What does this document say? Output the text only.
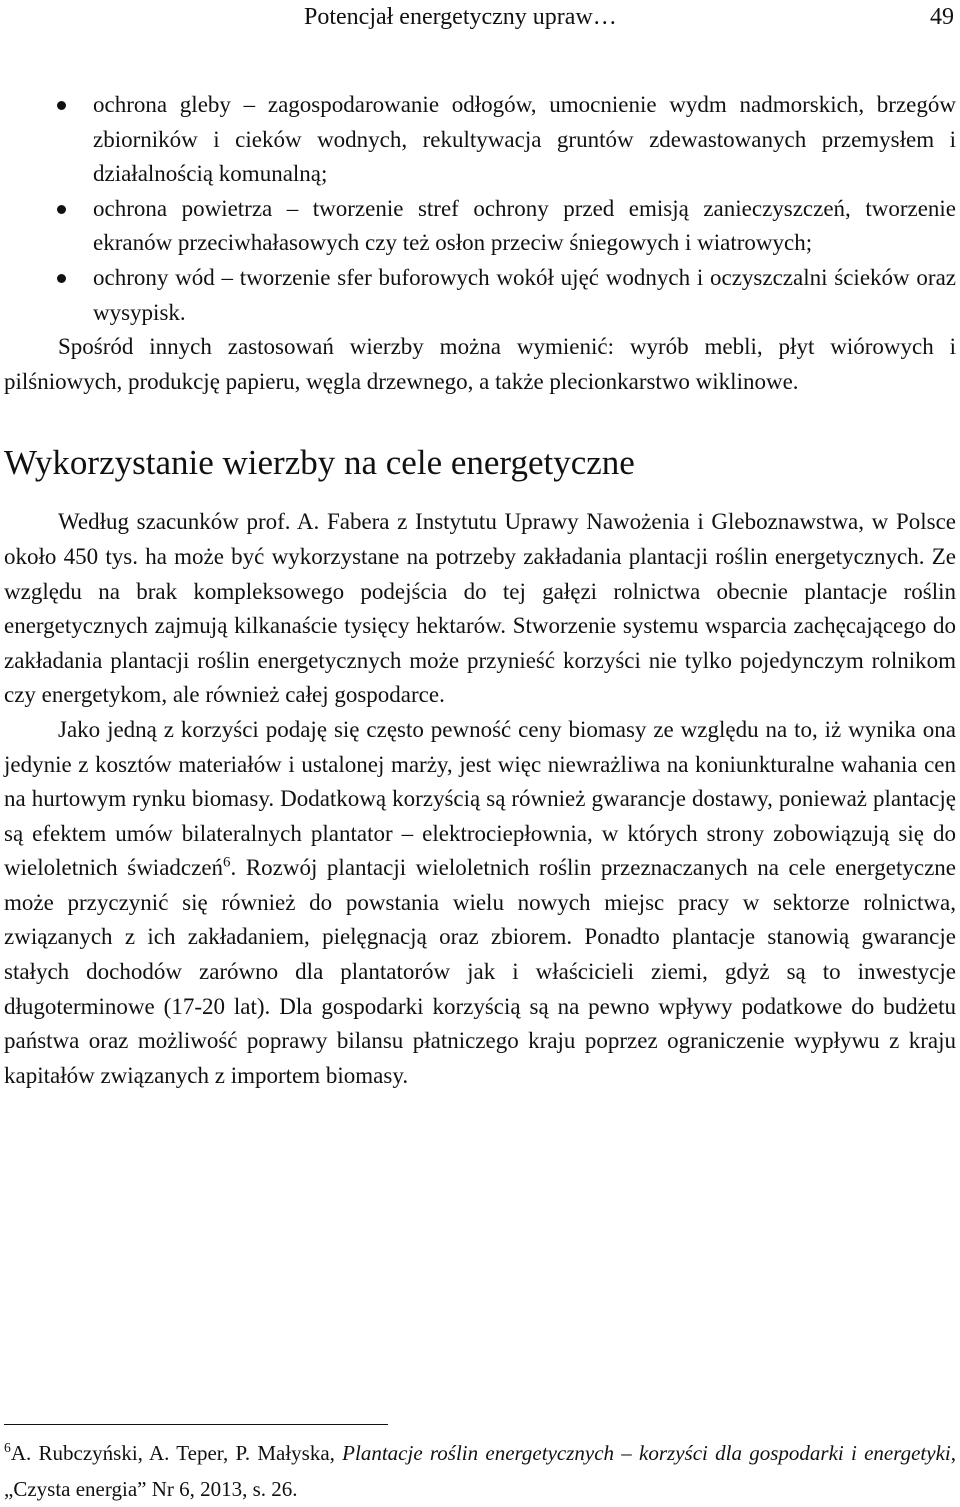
Potencjał energetyczny upraw…	49
ochrona gleby – zagospodarowanie odłogów, umocnienie wydm nadmorskich, brzegów zbiorników i cieków wodnych, rekultywacja gruntów zdewastowanych przemysłem i działalnością komunalną;
ochrona powietrza – tworzenie stref ochrony przed emisją zanieczyszczeń, tworzenie ekranów przeciwhałasowych czy też osłon przeciw śniegowych i wiatrowych;
ochrony wód – tworzenie sfer buforowych wokół ujęć wodnych i oczyszczalni ścieków oraz wysypisk.

Spośród innych zastosowań wierzby można wymienić: wyrób mebli, płyt wiórowych i pilśniowych, produkcję papieru, węgla drzewnego, a także plecionkarstwo wiklinowe.

Wykorzystanie wierzby na cele energetyczne

Według szacunków prof. A. Fabera z Instytutu Uprawy Nawożenia i Gleboznawstwa, w Polsce około 450 tys. ha może być wykorzystane na potrzeby zakładania plantacji roślin energetycznych. Ze względu na brak kompleksowego podejścia do tej gałęzi rolnictwa obecnie plantacje roślin energetycznych zajmują kilkanaście tysięcy hektarów. Stworzenie systemu wsparcia zachęcającego do zakładania plantacji roślin energetycznych może przynieść korzyści nie tylko pojedynczym rolnikom czy energetykom, ale również całej gospodarce.

Jako jedną z korzyści podaję się często pewność ceny biomasy ze względu na to, iż wynika ona jedynie z kosztów materiałów i ustalonej marży, jest więc niewrażliwa na koniunkturalne wahania cen na hurtowym rynku biomasy. Dodatkową korzyścią są również gwarancje dostawy, ponieważ plantację są efektem umów bilateralnych plantator – elektrociepłownia, w których strony zobowiązują się do wieloletnich świadczeń$^6$. Rozwój plantacji wieloletnich roślin przeznaczanych na cele energetyczne może przyczynić się również do powstania wielu nowych miejsc pracy w sektorze rolnictwa, związanych z ich zakładaniem, pielęgnacją oraz zbiorem. Ponadto plantacje stanowią gwarancje stałych dochodów zarówno dla plantatorów jak i właścicieli ziemi, gdyż są to inwestycje długoterminowe (17-20 lat). Dla gospodarki korzyścią są na pewno wpływy podatkowe do budżetu państwa oraz możliwość poprawy bilansu płatniczego kraju poprzez ograniczenie wypływu z kraju kapitałów związanych z importem biomasy.

$^6$A. Rubczyński, A. Teper, P. Małyska, Plantacje roślin energetycznych – korzyści dla gospodarki i energetyki, „Czysta energia” Nr 6, 2013, s. 26.
